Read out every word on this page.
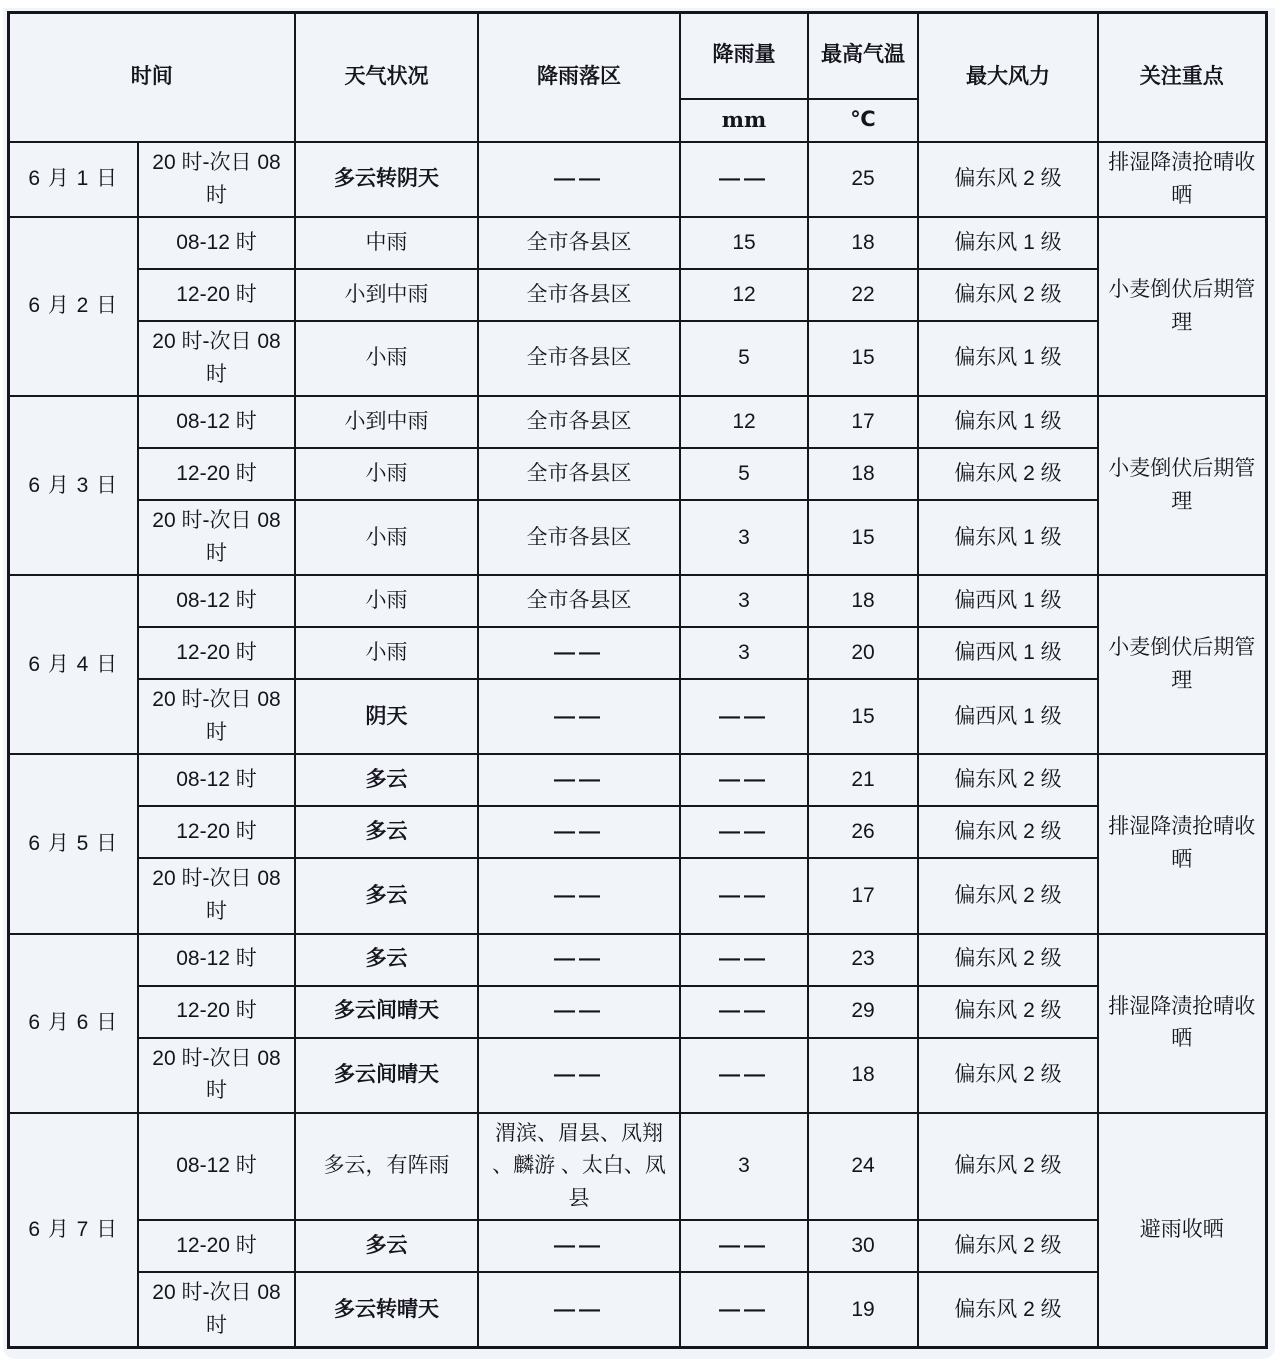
时间		天气状况	降雨落区	降雨量	最高气温	最大风力	关注重点
				mm	℃		
6 月 1 日	20 时-次日 08 时	多云转阴天	——	——	25	偏东风 2 级	排湿降渍抢晴收晒
6 月 2 日	08-12 时	中雨	全市各县区	15	18	偏东风 1 级	小麦倒伏后期管理
	12-20 时	小到中雨	全市各县区	12	22	偏东风 2 级	
	20 时-次日 08 时	小雨	全市各县区	5	15	偏东风 1 级	
6 月 3 日	08-12 时	小到中雨	全市各县区	12	17	偏东风 1 级	小麦倒伏后期管理
	12-20 时	小雨	全市各县区	5	18	偏东风 2 级	
	20 时-次日 08 时	小雨	全市各县区	3	15	偏东风 1 级	
6 月 4 日	08-12 时	小雨	全市各县区	3	18	偏西风 1 级	小麦倒伏后期管理
	12-20 时	小雨	——	3	20	偏西风 1 级	
	20 时-次日 08 时	阴天	——	——	15	偏西风 1 级	
6 月 5 日	08-12 时	多云	——	——	21	偏东风 2 级	排湿降渍抢晴收晒
	12-20 时	多云	——	——	26	偏东风 2 级	
	20 时-次日 08 时	多云	——	——	17	偏东风 2 级	
6 月 6 日	08-12 时	多云	——	——	23	偏东风 2 级	排湿降渍抢晴收晒
	12-20 时	多云间晴天	——	——	29	偏东风 2 级	
	20 时-次日 08 时	多云间晴天	——	——	18	偏东风 2 级	
6 月 7 日	08-12 时	多云，有阵雨	渭滨、眉县、凤翔 、麟游 、太白、凤县	3	24	偏东风 2 级	避雨收晒
	12-20 时	多云	——	——	30	偏东风 2 级	
	20 时-次日 08 时	多云转晴天	——	——	19	偏东风 2 级	
